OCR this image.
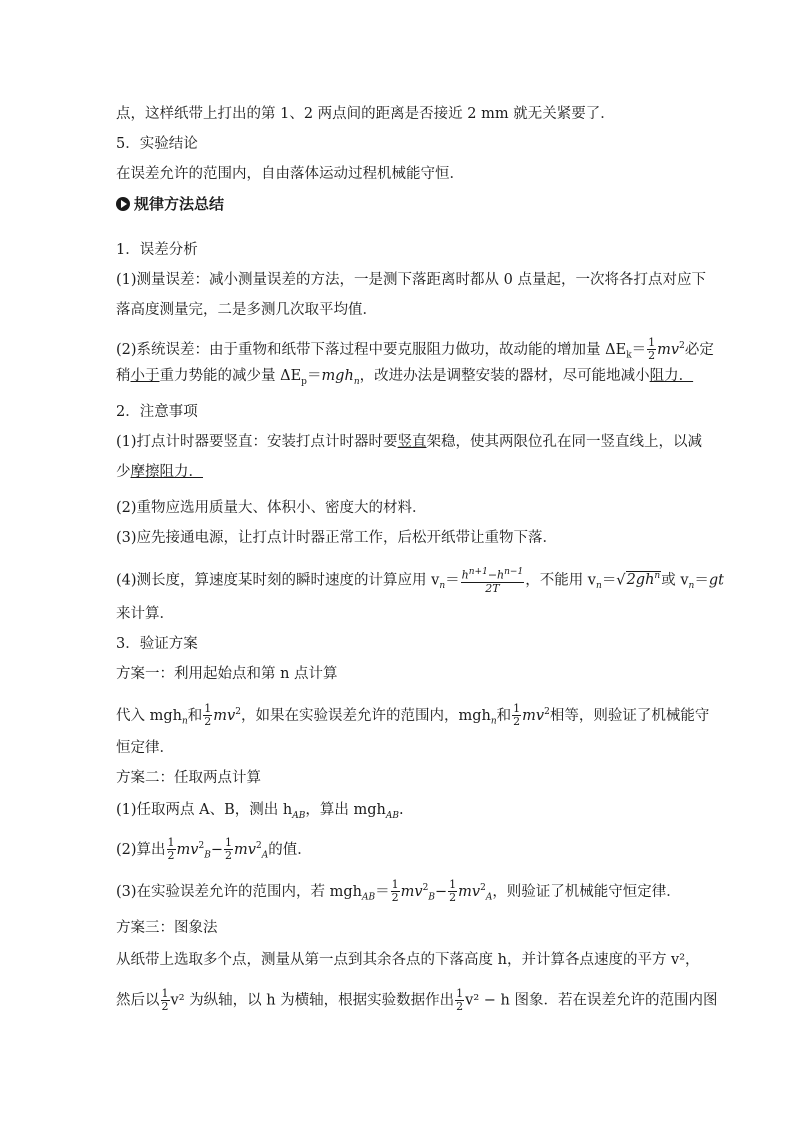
点，这样纸带上打出的第 1、2 两点间的距离是否接近 2 mm 就无关紧要了．
5．实验结论
在误差允许的范围内，自由落体运动过程机械能守恒．
规律方法总结
1．误差分析
(1)测量误差：减小测量误差的方法，一是测下落距离时都从 0 点量起，一次将各打点对应下
落高度测量完，二是多测几次取平均值．
(2)系统误差：由于重物和纸带下落过程中要克服阻力做功，故动能的增加量 $\Delta E_k= \frac{1}{2} mv^2$必定
稍小于重力势能的减少量 $\Delta E_p=mgh_n$，改进办法是调整安装的器材，尽可能地减小阻力．
2．注意事项
(1)打点计时器要竖直：安装打点计时器时要竖直架稳，使其两限位孔在同一竖直线上，以减
少摩擦阻力．
(2)重物应选用质量大、体积小、密度大的材料．
(3)应先接通电源，让打点计时器正常工作，后松开纸带让重物下落．
(4)测长度，算速度某时刻的瞬时速度的计算应用 $v_n= \frac{h^{n+1}-h^{n-1}}{2T}$ ，不能用 $v_n=√2gh^n$或 $v_n=gt$
来计算．
3．验证方案
方案一：利用起始点和第 n 点计算
代入 mgh$_n$和 $\frac{1}{2} mv^2$，如果在实验误差允许的范围内，mgh$_n$和 $\frac{1}{2} mv^2$相等，则验证了机械能守
恒定律．
方案二：任取两点计算
(1)任取两点 A、B，测出 $h_{AB}$，算出 mgh$_{AB}$.
(2)算出 $\frac{1}{2} mv^2_B- \frac{1}{2} mv^2_A$的值．
(3)在实验误差允许的范围内，若 $mgh_{AB}= \frac{1}{2} mv^2_B- \frac{1}{2} mv^2_A$，则验证了机械能守恒定律．
方案三：图象法
从纸带上选取多个点，测量从第一点到其余各点的下落高度 h，并计算各点速度的平方 v²，
然后以 $\frac{1}{2} v^2$ 为纵轴，以 h 为横轴，根据实验数据作出 $\frac{1}{2} v^2 - h$ 图象．若在误差允许的范围内图
